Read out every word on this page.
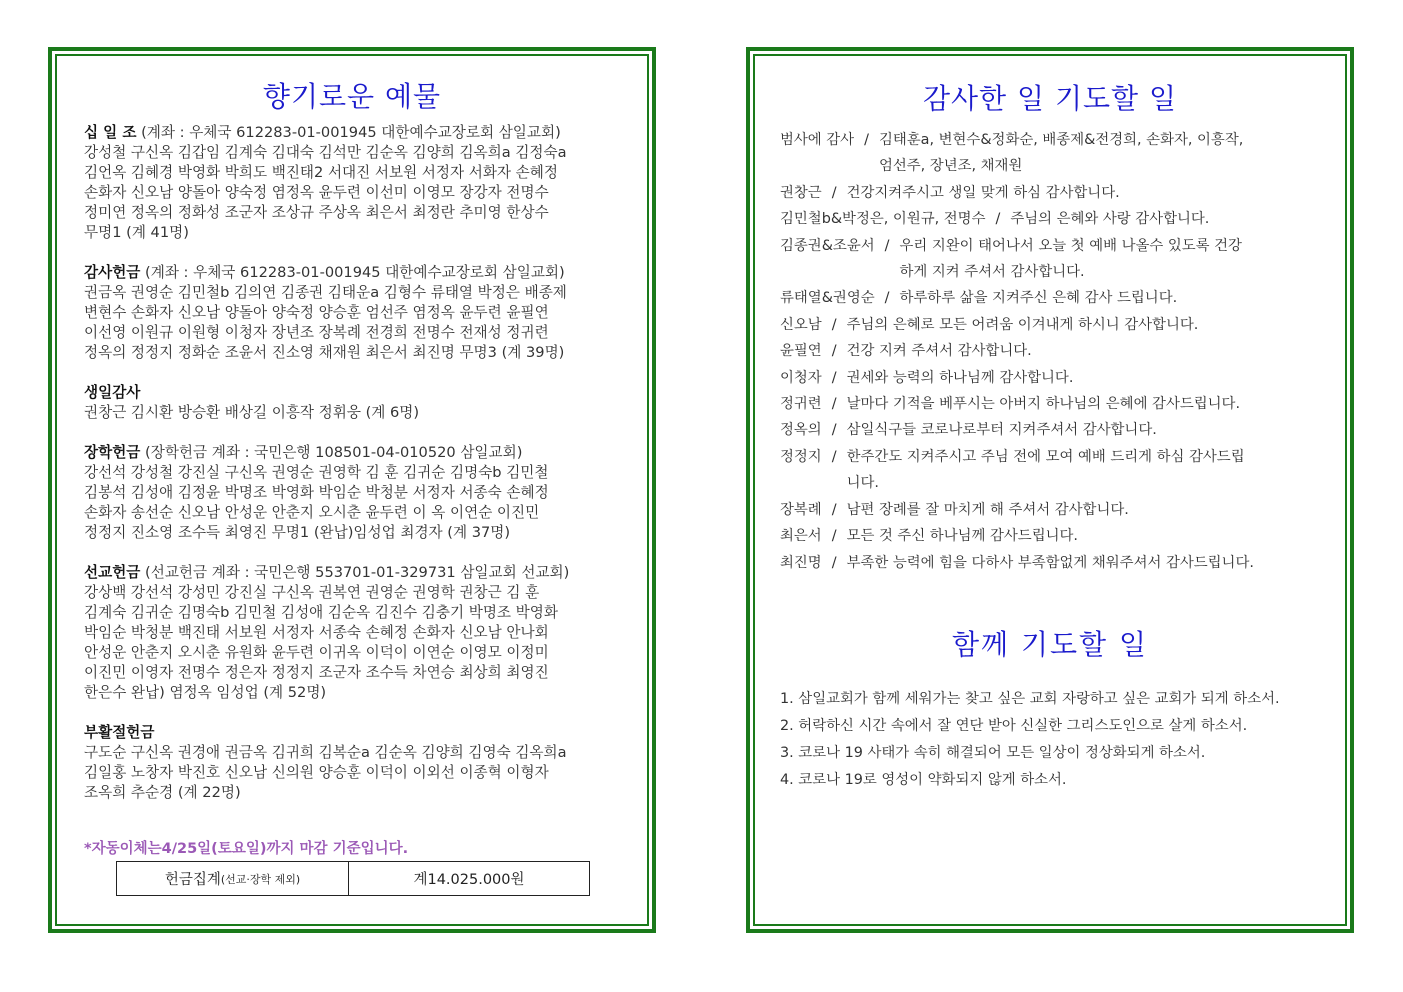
향기로운 예물
십 일 조 (계좌 : 우체국 612283-01-001945 대한예수교장로회 삼일교회)
강성철 구신옥 김갑임 김계숙 김대숙 김석만 김순옥 김양희 김옥희a 김정숙a
김언옥 김혜경 박영화 박희도 백진태2 서대진 서보원 서정자 서화자 손혜정
손화자 신오남 양돌아 양숙정 염정옥 윤두련 이선미 이영모 장강자 전명수
정미연 정옥의 정화성 조군자 조상규 주상옥 최은서 최정란 추미영 한상수
무명1 (계 41명)
감사헌금 (계좌 : 우체국 612283-01-001945 대한예수교장로회 삼일교회)
권금옥 권영순 김민철b 김의연 김종권 김태운a 김형수 류태열 박정은 배종제
변현수 손화자 신오남 양돌아 양숙정 양승훈 엄선주 염정옥 윤두련 윤필연
이선영 이원규 이원형 이청자 장년조 장복례 전경희 전명수 전재성 정귀련
정옥의 정정지 정화순 조윤서 진소영 채재원 최은서 최진명 무명3 (계 39명)
생일감사
권창근 김시환 방승환 배상길 이흥작 정휘웅 (계 6명)
장학헌금 (장학헌금 계좌 : 국민은행 108501-04-010520 삼일교회)
강선석 강성철 강진실 구신옥 권영순 권영학 김 훈 김귀순 김명숙b 김민철
김봉석 김성애 김정윤 박명조 박영화 박임순 박청분 서정자 서종숙 손혜정
손화자 송선순 신오남 안성운 안춘지 오시춘 윤두련 이 옥 이연순 이진민
정정지 진소영 조수득 최영진 무명1 (완납)임성업 최경자 (계 37명)
선교헌금 (선교헌금 계좌 : 국민은행 553701-01-329731 삼일교회 선교회)
강상백 강선석 강성민 강진실 구신옥 권복연 권영순 권영학 권창근 김 훈
김계숙 김귀순 김명숙b 김민철 김성애 김순옥 김진수 김충기 박명조 박영화
박임순 박청분 백진태 서보원 서정자 서종숙 손혜정 손화자 신오남 안나회
안성운 안춘지 오시춘 유원화 윤두련 이귀옥 이덕이 이연순 이영모 이정미
이진민 이영자 전명수 정은자 정정지 조군자 조수득 차연승 최상희 최영진
한은수 완납) 염정옥 임성업 (계 52명)
부활절헌금
구도순 구신옥 권경애 권금옥 김귀희 김복순a 김순옥 김양희 김영숙 김옥희a
김일홍 노창자 박진호 신오남 신의원 양승훈 이덕이 이외선 이종혁 이형자
조옥희 추순경 (계 22명)
*자동이체는4/25일(토요일)까지 마감 기준입니다.
헌금집계 (선교·장학 제외)	계14.025.000원
감사한 일 기도할 일
범사에 감사 / 김태훈a, 변현수&정화순, 배종제&전경희, 손화자, 이흥작,
엄선주, 장년조, 채재원
권창근 / 건강지켜주시고 생일 맞게 하심 감사합니다.
김민철b&박정은, 이원규, 전명수 / 주님의 은혜와 사랑 감사합니다.
김종권&조윤서 / 우리 지완이 태어나서 오늘 첫 예배 나올수 있도록 건강
하게 지켜 주셔서 감사합니다.
류태열&권영순 / 하루하루 삶을 지켜주신 은혜 감사 드립니다.
신오남 / 주님의 은혜로 모든 어려움 이겨내게 하시니 감사합니다.
윤필연 / 건강 지켜 주셔서 감사합니다.
이청자 / 권세와 능력의 하나님께 감사합니다.
정귀련 / 날마다 기적을 베푸시는 아버지 하나님의 은혜에 감사드립니다.
정옥의 / 삼일식구들 코로나로부터 지켜주셔서 감사합니다.
정정지 / 한주간도 지켜주시고 주님 전에 모여 예배 드리게 하심 감사드립
니다.
장복례 / 남편 장례를 잘 마치게 해 주셔서 감사합니다.
최은서 / 모든 것 주신 하나님께 감사드립니다.
최진명 / 부족한 능력에 힘을 다하사 부족함없게 채워주셔서 감사드립니다.
함께 기도할 일
1. 삼일교회가 함께 세워가는 찾고 싶은 교회 자랑하고 싶은 교회가 되게 하소서.
2. 허락하신 시간 속에서 잘 연단 받아 신실한 그리스도인으로 살게 하소서.
3. 코로나 19 사태가 속히 해결되어 모든 일상이 정상화되게 하소서.
4. 코로나 19로 영성이 약화되지 않게 하소서.
